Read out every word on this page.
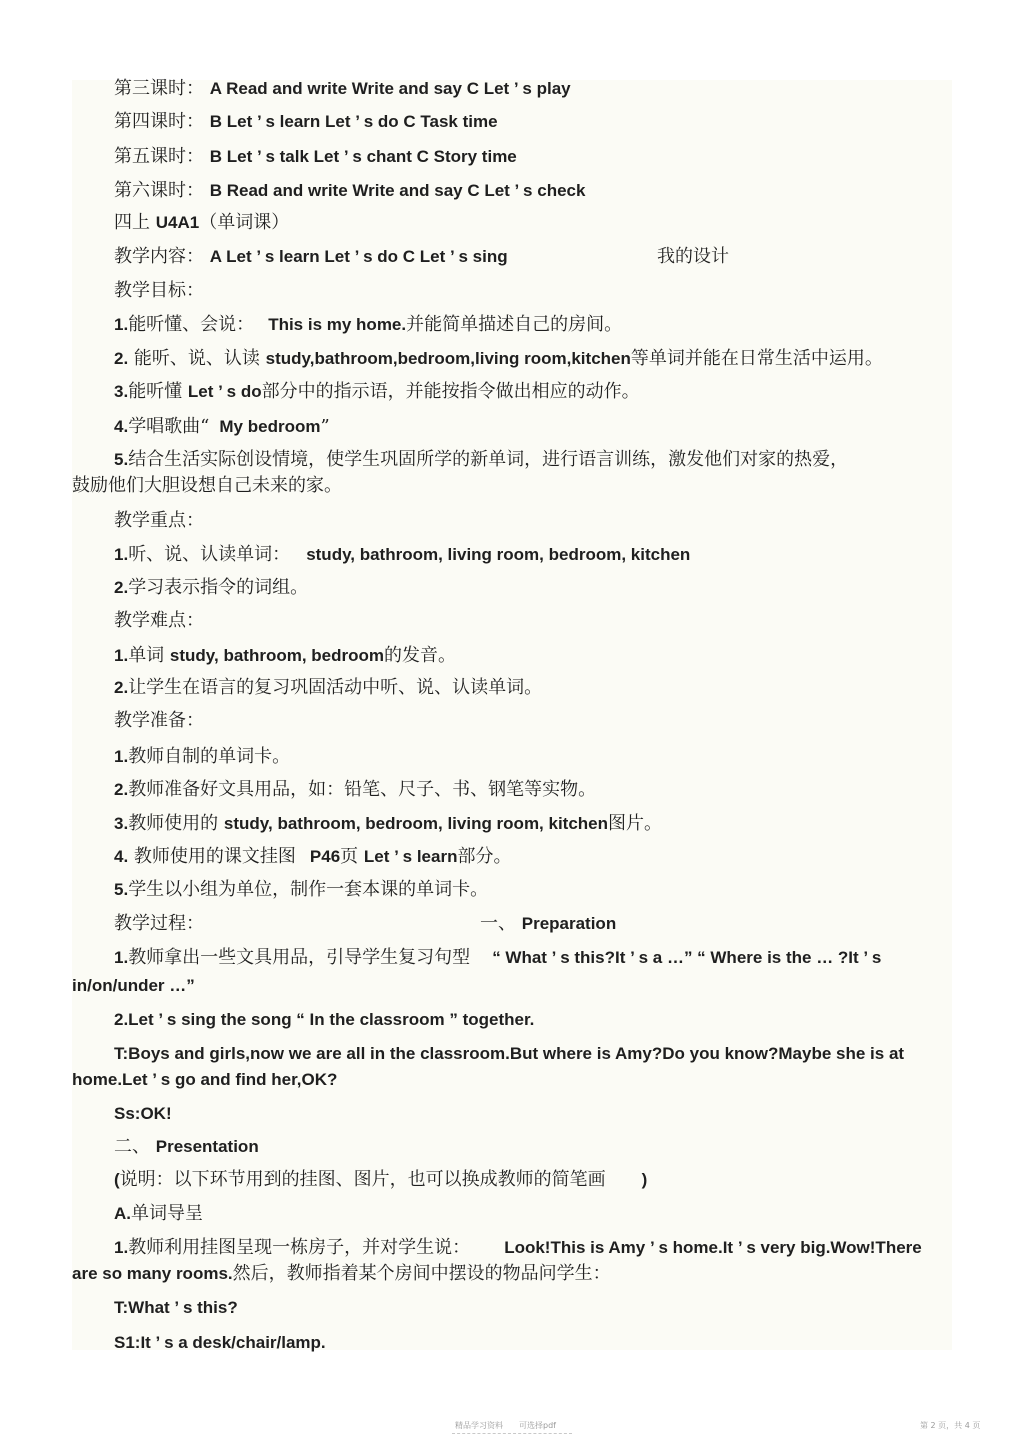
第三课时： A Read and write Write and say C Let ’ s play
第四课时： B Let ’ s learn Let ’ s do C Task time
第五课时： B Let ’ s talk Let ’ s chant C Story time
第六课时： B Read and write Write and say C Let ’ s check
四上 U4A1（单词课）
教学内容： A Let ’ s learn Let ’ s do C Let ’ s sing	我的设计
教学目标：
1.能听懂、会说： This is my home.并能简单描述自己的房间。
2. 能听、说、认读 study,bathroom,bedroom,living room,kitchen等单词并能在日常生活中运用。
3.能听懂 Let ’ s do部分中的指示语，并能按指令做出相应的动作。
4.学唱歌曲“ My bedroom”
5.结合生活实际创设情境，使学生巩固所学的新单词，进行语言训练，激发他们对家的热爱，
鼓励他们大胆设想自己未来的家。
教学重点：
1.听、说、认读单词： study, bathroom, living room, bedroom, kitchen
2.学习表示指令的词组。
教学难点：
1.单词 study, bathroom, bedroom的发音。
2.让学生在语言的复习巩固活动中听、说、认读单词。
教学准备：
1.教师自制的单词卡。
2.教师准备好文具用品，如：铅笔、尺子、书、钢笔等实物。
3.教师使用的 study, bathroom, bedroom, living room, kitchen图片。
4. 教师使用的课文挂图 P46页 Let ’ s learn部分。
5.学生以小组为单位，制作一套本课的单词卡。
教学过程：	一、 Preparation
1.教师拿出一些文具用品，引导学生复习句型 “ What ’ s this?It ’ s a …” “ Where is the … ?It ’ s
in/on/under …”
2.Let ’ s sing the song “ In the classroom ” together.
T:Boys and girls,now we are all in the classroom.But where is Amy?Do you know?Maybe she is at
home.Let ’ s go and find her,OK?
Ss:OK!
二、 Presentation
(说明：以下环节用到的挂图、图片，也可以换成教师的简笔画 )
A.单词导呈
1.教师利用挂图呈现一栋房子，并对学生说： Look!This is Amy ’ s home.It ’ s very big.Wow!There
are so many rooms.然后，教师指着某个房间中摆设的物品问学生：
T:What ’ s this?
S1:It ’ s a desk/chair/lamp.
精品学习资料　　可选择pdf	第 2 页，共 4 页
